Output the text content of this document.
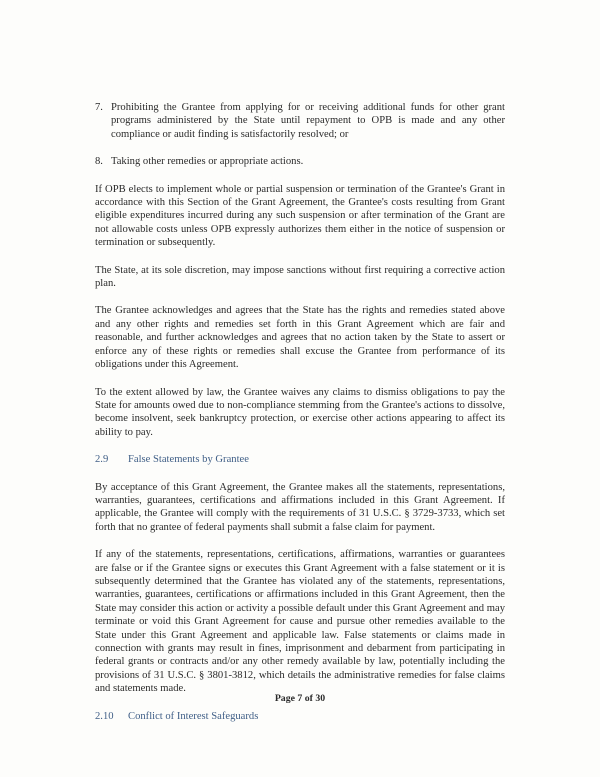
7. Prohibiting the Grantee from applying for or receiving additional funds for other grant programs administered by the State until repayment to OPB is made and any other compliance or audit finding is satisfactorily resolved; or
8. Taking other remedies or appropriate actions.

If OPB elects to implement whole or partial suspension or termination of the Grantee's Grant in accordance with this Section of the Grant Agreement, the Grantee's costs resulting from Grant eligible expenditures incurred during any such suspension or after termination of the Grant are not allowable costs unless OPB expressly authorizes them either in the notice of suspension or termination or subsequently.

The State, at its sole discretion, may impose sanctions without first requiring a corrective action plan.

The Grantee acknowledges and agrees that the State has the rights and remedies stated above and any other rights and remedies set forth in this Grant Agreement which are fair and reasonable, and further acknowledges and agrees that no action taken by the State to assert or enforce any of these rights or remedies shall excuse the Grantee from performance of its obligations under this Agreement.

To the extent allowed by law, the Grantee waives any claims to dismiss obligations to pay the State for amounts owed due to non-compliance stemming from the Grantee's actions to dissolve, become insolvent, seek bankruptcy protection, or exercise other actions appearing to affect its ability to pay.

2.9	False Statements by Grantee

By acceptance of this Grant Agreement, the Grantee makes all the statements, representations, warranties, guarantees, certifications and affirmations included in this Grant Agreement. If applicable, the Grantee will comply with the requirements of 31 U.S.C. § 3729-3733, which set forth that no grantee of federal payments shall submit a false claim for payment.

If any of the statements, representations, certifications, affirmations, warranties or guarantees are false or if the Grantee signs or executes this Grant Agreement with a false statement or it is subsequently determined that the Grantee has violated any of the statements, representations, warranties, guarantees, certifications or affirmations included in this Grant Agreement, then the State may consider this action or activity a possible default under this Grant Agreement and may terminate or void this Grant Agreement for cause and pursue other remedies available to the State under this Grant Agreement and applicable law. False statements or claims made in connection with grants may result in fines, imprisonment and debarment from participating in federal grants or contracts and/or any other remedy available by law, potentially including the provisions of 31 U.S.C. § 3801-3812, which details the administrative remedies for false claims and statements made.

2.10	Conflict of Interest Safeguards
Page 7 of 30
